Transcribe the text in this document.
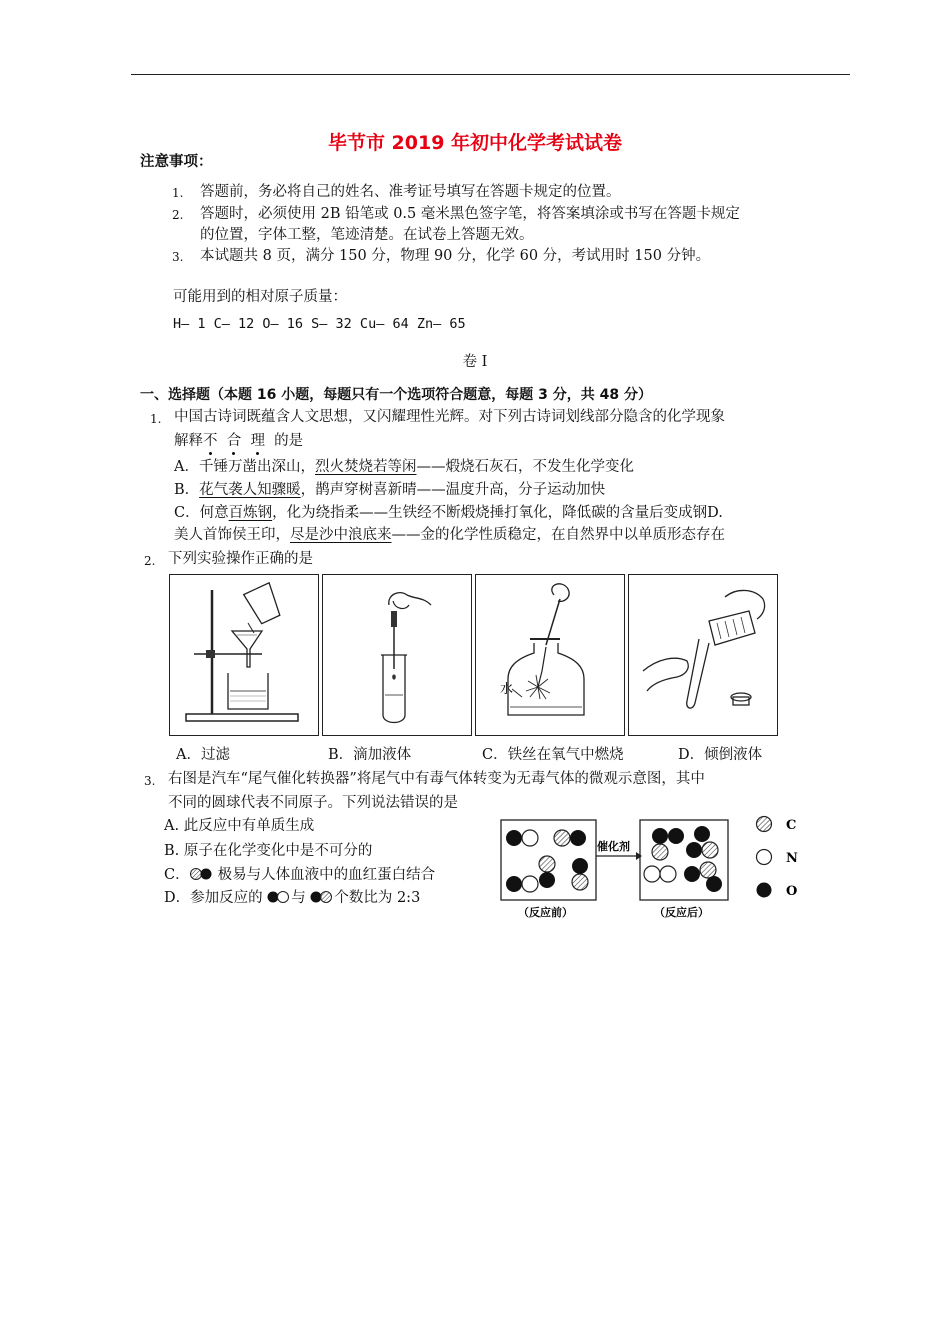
毕节市 2019 年初中化学考试试卷
注意事项：
1. 答题前，务必将自己的姓名、准考证号填写在答题卡规定的位置。
2. 答题时，必须使用 2B 铅笔或 0.5 毫米黑色签字笔，将答案填涂或书写在答题卡规定
的位置，字体工整，笔迹清楚。在试卷上答题无效。
3. 本试题共 8 页，满分 150 分，物理 90 分，化学 60 分，考试用时 150 分钟。
可能用到的相对原子质量：
H— 1 C— 12 O— 16 S— 32 Cu— 64 Zn— 65
卷 I
一、选择题（本题 16 小题，每题只有一个选项符合题意，每题 3 分，共 48 分）
1. 中国古诗词既蕴含人文思想，又闪耀理性光辉。对下列古诗词划线部分隐含的化学现象
解释不 合 理 的是
A．千锤万凿出深山，烈火焚烧若等闲——煅烧石灰石，不发生化学变化
B．花气袭人知骤暖，鹊声穿树喜新晴——温度升高，分子运动加快
C．何意百炼钢，化为绕指柔——生铁经不断煅烧捶打氧化，降低碳的含量后变成钢D.
美人首饰侯王印，尽是沙中浪底来——金的化学性质稳定，在自然界中以单质形态存在
2. 下列实验操作正确的是
水
A．过滤	B．滴加液体	C．铁丝在氧气中燃烧	D．倾倒液体
3. 右图是汽车“尾气催化转换器”将尾气中有毒气体转变为无毒气体的微观示意图，其中
不同的圆球代表不同原子。下列说法错误的是
A. 此反应中有单质生成
B. 原子在化学变化中是不可分的
C． 极易与人体血液中的血红蛋白结合
D．参加反应的 与 个数比为 2:3
催化剂
（反应前）	（反应后）
C
N
O
